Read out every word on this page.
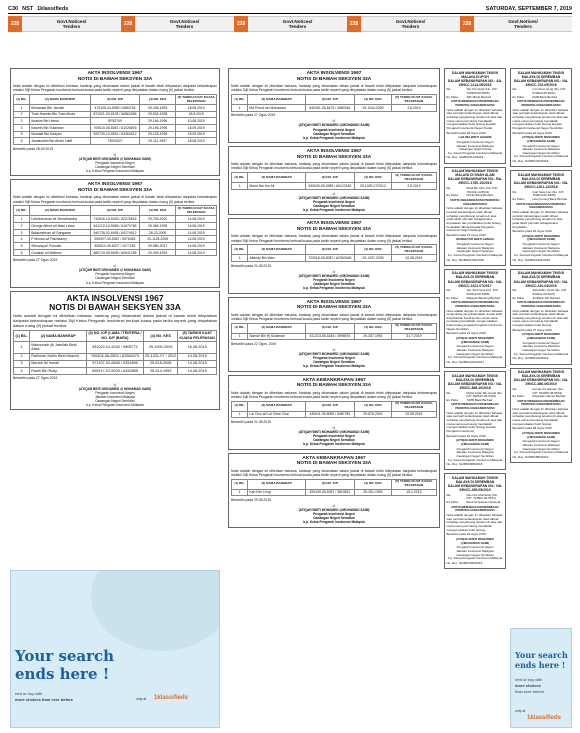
C30 NST 1klassifieds	SATURDAY, SEPTEMBER 7, 2019
228	Govt.Notices/
Tenders	228	Govt.Notices/
Tenders	228	Govt.Notices/
Tenders	228	Govt.Notices/
Tenders	228	Govt.Notices/
Tenders
AKTA INSOLVENSI 1967
NOTIS DI BAWAH SEKSYEN 33A
Notis adalah dengan ini diberikan bahawa, bankrap yang dinamakan dalam jadual di bawah telah dilepaskan daripada kebankrapan melalui Sijil Ketua Pengarah Insolvensi berkuat kuasa pada tarikh seperti yang dinyatakan dalam ruang (5) jadual berikut.
(1) BIL.	(2) NAMA BANKRAP	(3) NO. K/P	(4) NO. KES	(5) TARIKH KUAT KUASA PELEPASAN
1	Mohamad Bin Jarudin	470105-04-5069 / 0884718	29-236-1993	18.08.2019
2	Tuan Hashim Bin Tuan Muda	871021-03-5125 / A0862696	29-534-1998	18.8.2019
3	Ibrahim Bin Hamzi	RF52709	29-164-1996	10.08.2019
4	Kasmin Bin Sulaiman	700610-05-5067 / A1026876	29-196-1996	18.09.2019
5	Mustafa Bin Kadyan	520730-10-5531 / A3364012	29-103-1996	18.09.2019
6	Jamaluddin Bin Abdul Latiff	T3003227	29-111-1997	18.08.2019
Bertarikh pada 28.09.2019
t.t
(ATIQAH BINTI MOHAMED @ MOHAMAD SAIM)
Pengarah Insolvensi Negeri
Cawangan Negeri Sembilan
b.p. Ketua Pengarah Insolvensi Malaysia
AKTA INSOLVENSI 1967
NOTIS DI BAWAH SEKSYEN 33A
Notis adalah dengan ini diberikan bahawa, bankrap yang dinamakan dalam jadual di bawah telah dilepaskan daripada kebankrapan melalui Sijil Ketua Pengarah Insolvensi berkuat kuasa pada tarikh seperti yang dinyatakan dalam ruang (5) jadual berikut.
(1) BIL.	(2) NAMA BANKRAP	(3) NO. K/P	(4) NO. KES	(5) TARIKH KUAT KUASA PELEPASAN
1	Letchumanan a/l Sinnathamby	710516-10-5433 / A2276818	29-793-2002	14.08.2019
2	George Alfred a/l Mani Lewis	541212-10-5069 / A1070765	29-369-1999	16.08.2019
3	Balakrishnan a/l Sangaran	540728-02-6495 / A0274612	28-23-2009	14.08.2019
4	P Menan a/l Pakirisamy	590927-05-5387 / 6976345	20-1128-2008	14.08.2019
5	Selvaraj a/l Ponniah	830810-05-6027 / 2077183	29-980-2017	14.08.2019
6	Gunalan a/l Mathew	680710-05-5539 / A0641296	29-409-1993	14.08.2019
Bertarikh pada 27 Ogos 2019
t.t
(ATIQAH BINTI MOHAMED @ MOHAMAD SAIM)
Pengarah Insolvensi Negeri
Cawangan Negeri Sembilan
b.p. Ketua Pengarah Insolvensi Malaysia
AKTA INSOLVENSI 1967
NOTIS DI BAWAH SEKSYEN 33A
Notis adalah dengan ini diberikan bahawa, bankrap yang dinamakan dalam jadual di bawah telah dilepaskan daripada kebankrapan melalui Sijil Ketua Pengarah Insolvensi berkuat kuasa pada tarikh seperti yang dinyatakan dalam ruang (5) jadual berikut.
(1) BIL.	(2) NAMA BANKRAP	(3) NO. K/P (LAMA / TENTERA / NO. K/P (BARU)	(4) NO. KES	(5) TARIKH KUAT KUASA PELEPASAN
1	Maimunah @ Jamilah Binti Alias	431022-01-5242 / 0805772	29-1000-2009	16.08.2019
2	Rahimah Hailin Binti Masrull	760404-06-5524 / A3369473	29-1031-07 / 2012	14.08.2019
3	Mariah Ibi Ismail	571107-02-6848 / 0251896	29-518-2008	14.08.2019
4	Ramli Bin Rulip	520917-01-5033 / A332895	29-314-1993	14.08.2019
Bertarikh pada 27 Ogos 2019
t.t
(ATIQAH BINTI MOHAMED @ MOHAMAD SAIM)
Pengarah Insolvensi Negeri
Jabatan Insolvensi Malaysia
Cawangan Negeri Sembilan
b.p. Ketua Pengarah Insolvensi Malaysia
Your search
ends here !
rent or buy with
more choices than ever before	only at 1klassifieds
AKTA INSOLVENSI 1967
NOTIS DI BAWAH SEKSYEN 33A
Notis adalah dengan ini diberikan bahawa, bankrap yang dinamakan dalam jadual di bawah telah dilepaskan daripada kebankrapan melalui Sijil Ketua Pengarah Insolvensi berkuat kuasa pada tarikh seperti yang dinyatakan dalam ruang (5) jadual berikut.
(1) BIL.	(2) NAMA BANKRAP	(3) NO. K/P	(4) NO. KES	(5) TARIKH KUAT KUASA PELEPASAN
1	Md Proud bin Mohamad	540401-05-5475 / 4680318	29-1044-2009	2.8.2019
Bertarikh pada 27 Ogos 2019
t.t
(ATIQAH BINTI MOHAMED @MOHAMAD SAIM)
Pengarah Insolvensi Negeri
Cawangan Negeri Sembilan
b.p. Ketua Pengarah Insolvensi Malaysia
AKTA INSOLVENSI 1967
NOTIS DI BAWAH SEKSYEN 33A
Notis adalah dengan ini diberikan bahawa, bankrap yang dinamakan dalam jadual di bawah telah dilepaskan daripada kebankrapan melalui Sijil Ketua Pengarah Insolvensi berkuat kuasa pada tarikh seperti yang dinyatakan dalam ruang (5) jadual berikut.
(1) BIL.	(2) NAMA BANKRAP	(3) NO. K/P	(4) NO. KES	(5) TARIKH KUAT KUASA PELEPASAN
1	Mohd Nor bin Ali	530625-05-5389 / A0123182	29-1025-07/2012	2.8.2019
t.t
(ATIQAH BINTI MOHAMED @MOHAMAD SAIM)
Pengarah Insolvensi Negeri
Cawangan Negeri Sembilan
b.p. Ketua Pengarah Insolvensi Malaysia
AKTA INSOLVENSI 1967
NOTIS DI BAWAH SEKSYEN 33A
Notis adalah dengan ini diberikan bahawa, bankrap yang dinamakan dalam jadual di bawah telah dilepaskan daripada kebankrapan melalui Sijil Ketua Pengarah Insolvensi berkuat kuasa pada tarikh seperti yang dinyatakan dalam ruang (5) jadual berikut.
(1) BIL.	(2) NAMA BANKRAP	(3) NO. K/P	(4) NO. KES	(5) TARIKH KUAT KUASA PELEPASAN
1	Affendy Bin Wan	720918-05-5087 / A2353445	29-1337-2009	02.08.2019
Bertarikh pada 21.08.2019
t.t
(ATIQAH BINTI MOHAMED @MOHAMAD SAIM)
Pengarah Insolvensi Negeri
Cawangan Negeri Sembilan
b.p. Ketua Pengarah Insolvensi Malaysia
AKTA INSOLVENSI 1967
NOTIS DI BAWAH SEKSYEN 33A
Notis adalah dengan ini diberikan bahawa, bankrap yang dinamakan dalam jadual di bawah telah dilepaskan daripada kebankrapan melalui Sijil Ketua Pengarah Insolvensi berkuat kuasa pada tarikh seperti yang dinyatakan dalam ruang (5) jadual berikut.
(1) BIL.	(2) NAMA BANKRAP	(3) NO. K/P	(4) NO. KES	(5) TARIKH KUAT KUASA PELEPASAN
1	Samsir Bin Hj Sulaiman	441213-05-5245 / 3995575	29-267-1991	31.7.2019
Bertarikh pada 22 Ogos, 2019
t.t
(ATIQAH BINTI MOHAMED @MOHAMAD SAIM)
Pengarah Insolvensi Negeri
Cawangan Negeri Sembilan
b.p. Ketua Pengarah Insolvensi Malaysia
AKTA KEBANKRAPAN 1967
NOTIS DI BAWAH SEKSYEN 33A
Notis adalah dengan ini diberikan bahawa, bankrap yang dinamakan dalam jadual di bawah telah dilepaskan daripada kebankrapan melalui Sijil Ketua Pengarah Insolvensi berkuat kuasa pada tarikh seperti yang dinyatakan dalam ruang (5) jadual berikut.
(1) BIL.	(2) NAMA BANKRAP	(3) NO. K/P	(4) NO. KES	(5) TARIKH KUAT KUASA PELEPASAN
1	Lai Choi a/l Lai Chee Chai	430611-05-5095 / 5487789	29-876-2002	02.08.2019
Bertarikh pada 21.08.2019
t.t
(ATIQAH BINTI MOHAMED @MOHAMAD SAIM)
Pengarah Insolvensi Negeri
Cawangan Negeri Sembilan
b.p. Ketua Pengarah Insolvensi Malaysia
AKTA KEBANKRAPAN 1967
NOTIS DI BAWAH SEKSYEN 33A
Notis adalah dengan ini diberikan bahawa, bankrap yang dinamakan dalam jadual di bawah telah dilepaskan daripada kebankrapan melalui Sijil Ketua Pengarah Insolvensi berkuat kuasa pada tarikh seperti yang dinyatakan dalam ruang (5) jadual berikut.
(1) BIL.	(2) NAMA BANKRAP	(3) NO. K/P	(4) NO. KES	(5) TARIKH KUAT KUASA PELEPASAN
1	Kan Kim Leng	490430-05-5357 / 3819831	29-261-1994	15.2.2013
Bertarikh pada 29.08.2019
t.t
(ATIQAH BINTI MOHAMED @MOHAMAD SAIM)
Pengarah Insolvensi Negeri
Cawangan Negeri Sembilan
b.p. Ketua Pengarah Insolvensi Malaysia
DALAM MAHKAMAH TINGGI MALAYA DI IPOH
DALAM KEBANKRAPAN NO.: AA-29NCC-1114-08/2018
Re:	Tan Kim Huat (No. K/P: 700306-08-6355)
Ex Parte:	Affin Bank Berhad
NOTIS MENGENAI PENERIMAAN PERINTAH KEBANKRAPAN
Notis adalah dengan ini diberikan bahawa satu perintah kebankrapan telah dibuat terhadap penghutang tersebut di atas dan mana-mana pemiutang hendaklah mengemukakan bukti hutang kepada Pengarah Insolvensi Negeri Perak.
Bertarikh pada 28 Ogos 2019
LAILINA BINTI HASHIM
Pengarah Insolvensi Negeri
Jabatan Insolvensi Malaysia
Cawangan Negeri Perak
b.p. Ketua Pengarah Insolvensi Malaysia
No. Ruj.: AA/BNI/1114/2018
DALAM MAHKAMAH TINGGI MALAYA DI SHAH ALAM
DALAM KEBANKRAPAN NO.: BA-29NCC-1760-10/2018
Re:	Rizal Bin Idris (No. K/P: 791102-14-5631)
Ex Parte:	Public Bank Berhad
NOTIS KEBANKRAPAN PERINTAH KEBANKRAPAN
Notis adalah dengan ini diberikan bahawa perintah kebankrapan telah dibuat terhadap penghutang tersebut di atas pada tarikh perintah sebagaimana dinyatakan dan pendaftaran bukti hutang hendaklah dibuat kepada Pengarah Insolvensi Negeri Selangor.
Bertarikh pada 27 Ogos 2019
NORHAYATI BINTI AHMAD
Pengarah Insolvensi Negeri
Jabatan Insolvensi Malaysia
Cawangan Negeri Selangor
b.p. Ketua Pengarah Insolvensi Malaysia
No. Ruj.: BA/BNI/1760/2018
DALAM MAHKAMAH TINGGI MALAYA DI SEREMBAN
DALAM KEBANKRAPAN NO.: NA-29NCC-1021-07/2017
Re:	Tan Teck Huat (No. K/P: 650312-05-5189)
Ex Parte:	Malayan Banking Berhad
NOTIS MENGENAI PENERIMAAN PERINTAH KEBANKRAPAN
Notis adalah dengan ini diberikan bahawa penghutang yang dinamakan di atas telah diisytiharkan bankrap dan mana-mana pemiutang hendaklah mengemukakan bukti hutang kepada Pengarah Insolvensi Negeri Sembilan.
Bertarikh pada 23 Ogos 2019
(ATIQAH BINTI MOHAMED @MOHAMAD SAIM)
Pengarah Insolvensi Negeri
Jabatan Insolvensi Malaysia
Cawangan Negeri Sembilan
b.p. Ketua Pengarah Insolvensi Malaysia
No. Ruj.: NA/BNI/1021/2017
DALAM MAHKAMAH TINGGI MALAYA DI SEREMBAN
DALAM KEBANKRAPAN NO.: NA-29NCC-868-10/2018
Re:	Mohd Azlan Bin Ismail (No. K/P: 800516-05-5429)
Ex Parte:	CIMB Bank Berhad
NOTIS MENGENAI PENERIMAAN PERINTAH KEBANKRAPAN
Notis adalah dengan ini diberikan bahawa satu perintah kebankrapan telah dibuat terhadap penghutang tersebut di atas dan mana-mana pemiutang hendaklah mengemukakan bukti hutang kepada Pengarah Insolvensi.
Bertarikh pada 20 Ogos 2019
(ATIQAH BINTI MOHAMED @MOHAMAD SAIM)
Pengarah Insolvensi Negeri
Jabatan Insolvensi Malaysia
Cawangan Negeri Sembilan
b.p. Ketua Pengarah Insolvensi Malaysia
No. Ruj.: NA/BNI/868/2018
DALAM MAHKAMAH TINGGI MALAYA DI SEREMBAN
DALAM KEBANKRAPAN NO.: NA-29NCC-455-05/2019
Re:	Ravi A/L Muniandy (No. K/P: 720801-05-5197)
Ex Parte:	Bank Simpanan Nasional
NOTIS MENGENAI PENERIMAAN PERINTAH KEBANKRAPAN
Notis adalah dengan ini diberikan bahawa satu perintah kebankrapan telah dibuat terhadap penghutang tersebut di atas dan mana-mana pemiutang hendaklah mengemukakan bukti hutang.
Bertarikh pada 22 Ogos 2019
(ATIQAH BINTI MOHAMED @MOHAMAD SAIM)
Pengarah Insolvensi Negeri
Jabatan Insolvensi Malaysia
Cawangan Negeri Sembilan
b.p. Ketua Pengarah Insolvensi Malaysia
No. Ruj.: NA/BNI/455/2019
DALAM MAHKAMAH TINGGI MALAYA DI SEREMBAN
DALAM KEBANKRAPAN NO.: NA-29NCC-702-09/2018
Re:	Lim Chee Kong (No. K/P: 670922-05-5231)
Ex Parte:	RHB Bank Berhad
NOTIS MENGENAI PENERIMAAN PERINTAH KEBANKRAPAN
Notis adalah dengan ini diberikan bahawa satu perintah kebankrapan telah dibuat terhadap penghutang tersebut di atas dan mana-mana pemiutang hendaklah mengemukakan bukti hutang kepada Pengarah Insolvensi Negeri Sembilan.
Bertarikh pada 22 Ogos 2019
(ATIQAH BINTI MOHAMED @MOHAMAD SAIM)
Pengarah Insolvensi Negeri
Jabatan Insolvensi Malaysia
Cawangan Negeri Sembilan
b.p. Ketua Pengarah Insolvensi Malaysia
No. Ruj.: NA/BNI/702/2018
DALAM MAHKAMAH TINGGI MALAYA DI SEREMBAN
DALAM KEBANKRAPAN NO.: NA-29NCC-1201-12/2018
Re:	Goh Siew Lan (No. K/P: 750614-05-5408)
Ex Parte:	Hong Leong Bank Berhad
NOTIS KEBANKRAPAN PERINTAH KEBANKRAPAN
Notis adalah dengan ini diberikan bahawa perintah kebankrapan telah dibuat terhadap penghutang tersebut di atas pada tarikh perintah sebagaimana dinyatakan.
Bertarikh pada 26 Ogos 2019
(ATIQAH BINTI MOHAMED @MOHAMAD SAIM)
Pengarah Insolvensi Negeri
Jabatan Insolvensi Malaysia
Cawangan Negeri Sembilan
b.p. Ketua Pengarah Insolvensi Malaysia
No. Ruj.: NA/BNI/1201/2018
DALAM MAHKAMAH TINGGI MALAYA DI SEREMBAN
DALAM KEBANKRAPAN NO.: NA-29NCC-310-03/2019
Re:	Zainal Bin Yusof (No. K/P: 690211-05-5027)
Ex Parte:	AmBank (M) Berhad
NOTIS MENGENAI PENERIMAAN PERINTAH KEBANKRAPAN
Notis adalah dengan ini diberikan bahawa satu perintah kebankrapan telah dibuat terhadap penghutang tersebut di atas dan mana-mana pemiutang hendaklah mengemukakan bukti hutang.
Bertarikh pada 27 Ogos 2019
(ATIQAH BINTI MOHAMED @MOHAMAD SAIM)
Pengarah Insolvensi Negeri
Jabatan Insolvensi Malaysia
Cawangan Negeri Sembilan
b.p. Ketua Pengarah Insolvensi Malaysia
No. Ruj.: NA/BNI/310/2019
DALAM MAHKAMAH TINGGI MALAYA DI SEREMBAN
DALAM KEBANKRAPAN NO.: NA-29NCC-580-06/2019
Re:	Kumar A/L Raman (No. K/P: 810905-05-5519)
Ex Parte:	Maybank Islamic Berhad
NOTIS MENGENAI PENERIMAAN PERINTAH KEBANKRAPAN
Notis adalah dengan ini diberikan bahawa satu perintah kebankrapan telah dibuat terhadap penghutang tersebut di atas dan mana-mana pemiutang hendaklah mengemukakan bukti hutang.
Bertarikh pada 28 Ogos 2019
(ATIQAH BINTI MOHAMED @MOHAMAD SAIM)
Pengarah Insolvensi Negeri
Jabatan Insolvensi Malaysia
Cawangan Negeri Sembilan
b.p. Ketua Pengarah Insolvensi Malaysia
No. Ruj.: NA/BNI/580/2019
Your search
ends here !
rent or buy with
more choices
than ever before
only at
1klassifieds
